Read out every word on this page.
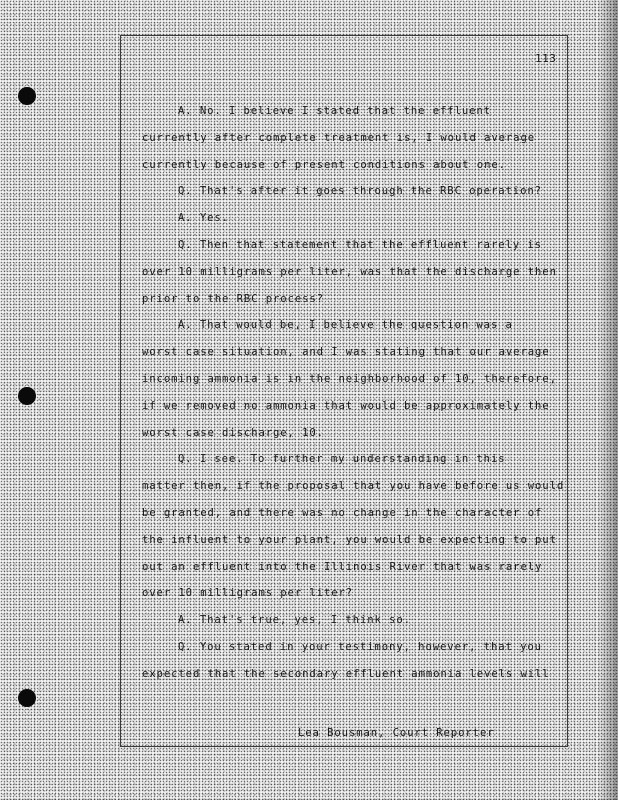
113
A. No. I believe I stated that the effluent
currently after complete treatment is, I would average
currently because of present conditions about one.
Q. That's after it goes through the RBC operation?
A. Yes.
Q. Then that statement that the effluent rarely is
over 10 milligrams per liter, was that the discharge then
prior to the RBC process?
A. That would be, I believe the question was a
worst case situation, and I was stating that our average
incoming ammonia is in the neighborhood of 10, therefore,
if we removed no ammonia that would be approximately the
worst case discharge, 10.
Q. I see. To further my understanding in this
matter then, if the proposal that you have before us would
be granted, and there was no change in the character of
the influent to your plant, you would be expecting to put
out an effluent into the Illinois River that was rarely
over 10 milligrams per liter?
A. That's true, yes, I think so.
Q. You stated in your testimony, however, that you
expected that the secondary effluent ammonia levels will
Lea Bousman, Court Reporter
